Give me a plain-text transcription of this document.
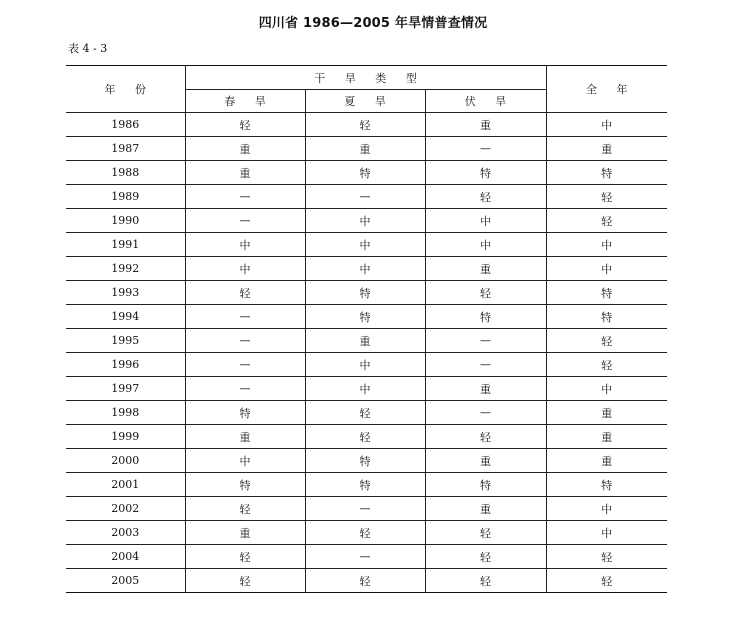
四川省 1986—2005 年旱情普查情况
表 4 - 3
年 份	干 旱 类 型			全 年
	春 旱	夏 旱	伏 旱	
1986	轻	轻	重	中
1987	重	重	—	重
1988	重	特	特	特
1989	—	—	轻	轻
1990	—	中	中	轻
1991	中	中	中	中
1992	中	中	重	中
1993	轻	特	轻	特
1994	—	特	特	特
1995	—	重	—	轻
1996	—	中	—	轻
1997	—	中	重	中
1998	特	轻	—	重
1999	重	轻	轻	重
2000	中	特	重	重
2001	特	特	特	特
2002	轻	—	重	中
2003	重	轻	轻	中
2004	轻	—	轻	轻
2005	轻	轻	轻	轻
